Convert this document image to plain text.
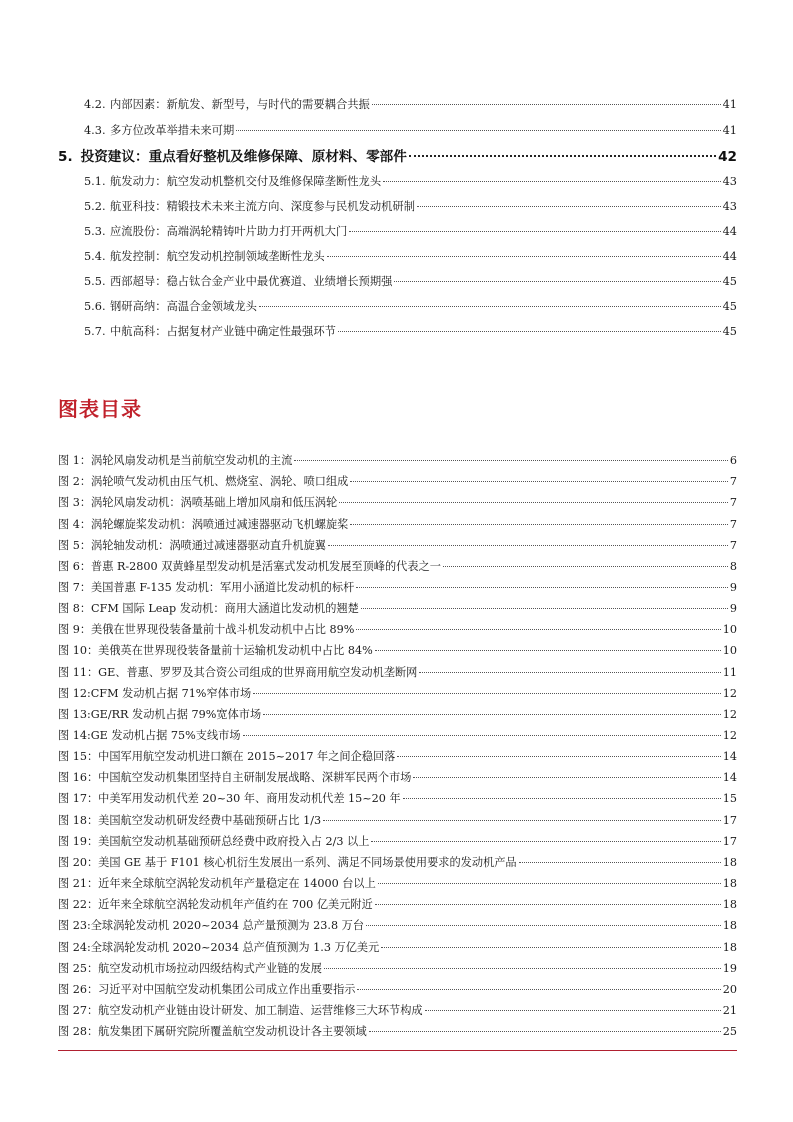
4.2. 内部因素：新航发、新型号，与时代的需要耦合共振	41
4.3. 多方位改革举措未来可期	41
5. 投资建议：重点看好整机及维修保障、原材料、零部件	42
5.1. 航发动力：航空发动机整机交付及维修保障垄断性龙头	43
5.2. 航亚科技：精锻技术未来主流方向、深度参与民机发动机研制	43
5.3. 应流股份：高端涡轮精铸叶片助力打开两机大门	44
5.4. 航发控制：航空发动机控制领域垄断性龙头	44
5.5. 西部超导：稳占钛合金产业中最优赛道、业绩增长预期强	45
5.6. 钢研高纳：高温合金领域龙头	45
5.7. 中航高科：占据复材产业链中确定性最强环节	45
图表目录
图 1：涡轮风扇发动机是当前航空发动机的主流	6
图 2：涡轮喷气发动机由压气机、燃烧室、涡轮、喷口组成	7
图 3：涡轮风扇发动机：涡喷基础上增加风扇和低压涡轮	7
图 4：涡轮螺旋桨发动机：涡喷通过减速器驱动飞机螺旋桨	7
图 5：涡轮轴发动机：涡喷通过减速器驱动直升机旋翼	7
图 6：普惠 R-2800 双黄蜂星型发动机是活塞式发动机发展至顶峰的代表之一	8
图 7：美国普惠 F-135 发动机：军用小涵道比发动机的标杆	9
图 8：CFM 国际 Leap 发动机：商用大涵道比发动机的翘楚	9
图 9：美俄在世界现役装备量前十战斗机发动机中占比 89%	10
图 10：美俄英在世界现役装备量前十运输机发动机中占比 84%	10
图 11：GE、普惠、罗罗及其合资公司组成的世界商用航空发动机垄断网	11
图 12:CFM 发动机占据 71%窄体市场	12
图 13:GE/RR 发动机占据 79%宽体市场	12
图 14:GE 发动机占据 75%支线市场	12
图 15：中国军用航空发动机进口额在 2015~2017 年之间企稳回落	14
图 16：中国航空发动机集团坚持自主研制发展战略、深耕军民两个市场	14
图 17：中美军用发动机代差 20~30 年、商用发动机代差 15~20 年	15
图 18：美国航空发动机研发经费中基础预研占比 1/3	17
图 19：美国航空发动机基础预研总经费中政府投入占 2/3 以上	17
图 20：美国 GE 基于 F101 核心机衍生发展出一系列、满足不同场景使用要求的发动机产品	18
图 21：近年来全球航空涡轮发动机年产量稳定在 14000 台以上	18
图 22：近年来全球航空涡轮发动机年产值约在 700 亿美元附近	18
图 23:全球涡轮发动机 2020~2034 总产量预测为 23.8 万台	18
图 24:全球涡轮发动机 2020~2034 总产值预测为 1.3 万亿美元	18
图 25：航空发动机市场拉动四级结构式产业链的发展	19
图 26：习近平对中国航空发动机集团公司成立作出重要指示	20
图 27：航空发动机产业链由设计研发、加工制造、运营维修三大环节构成	21
图 28：航发集团下属研究院所覆盖航空发动机设计各主要领域	25
